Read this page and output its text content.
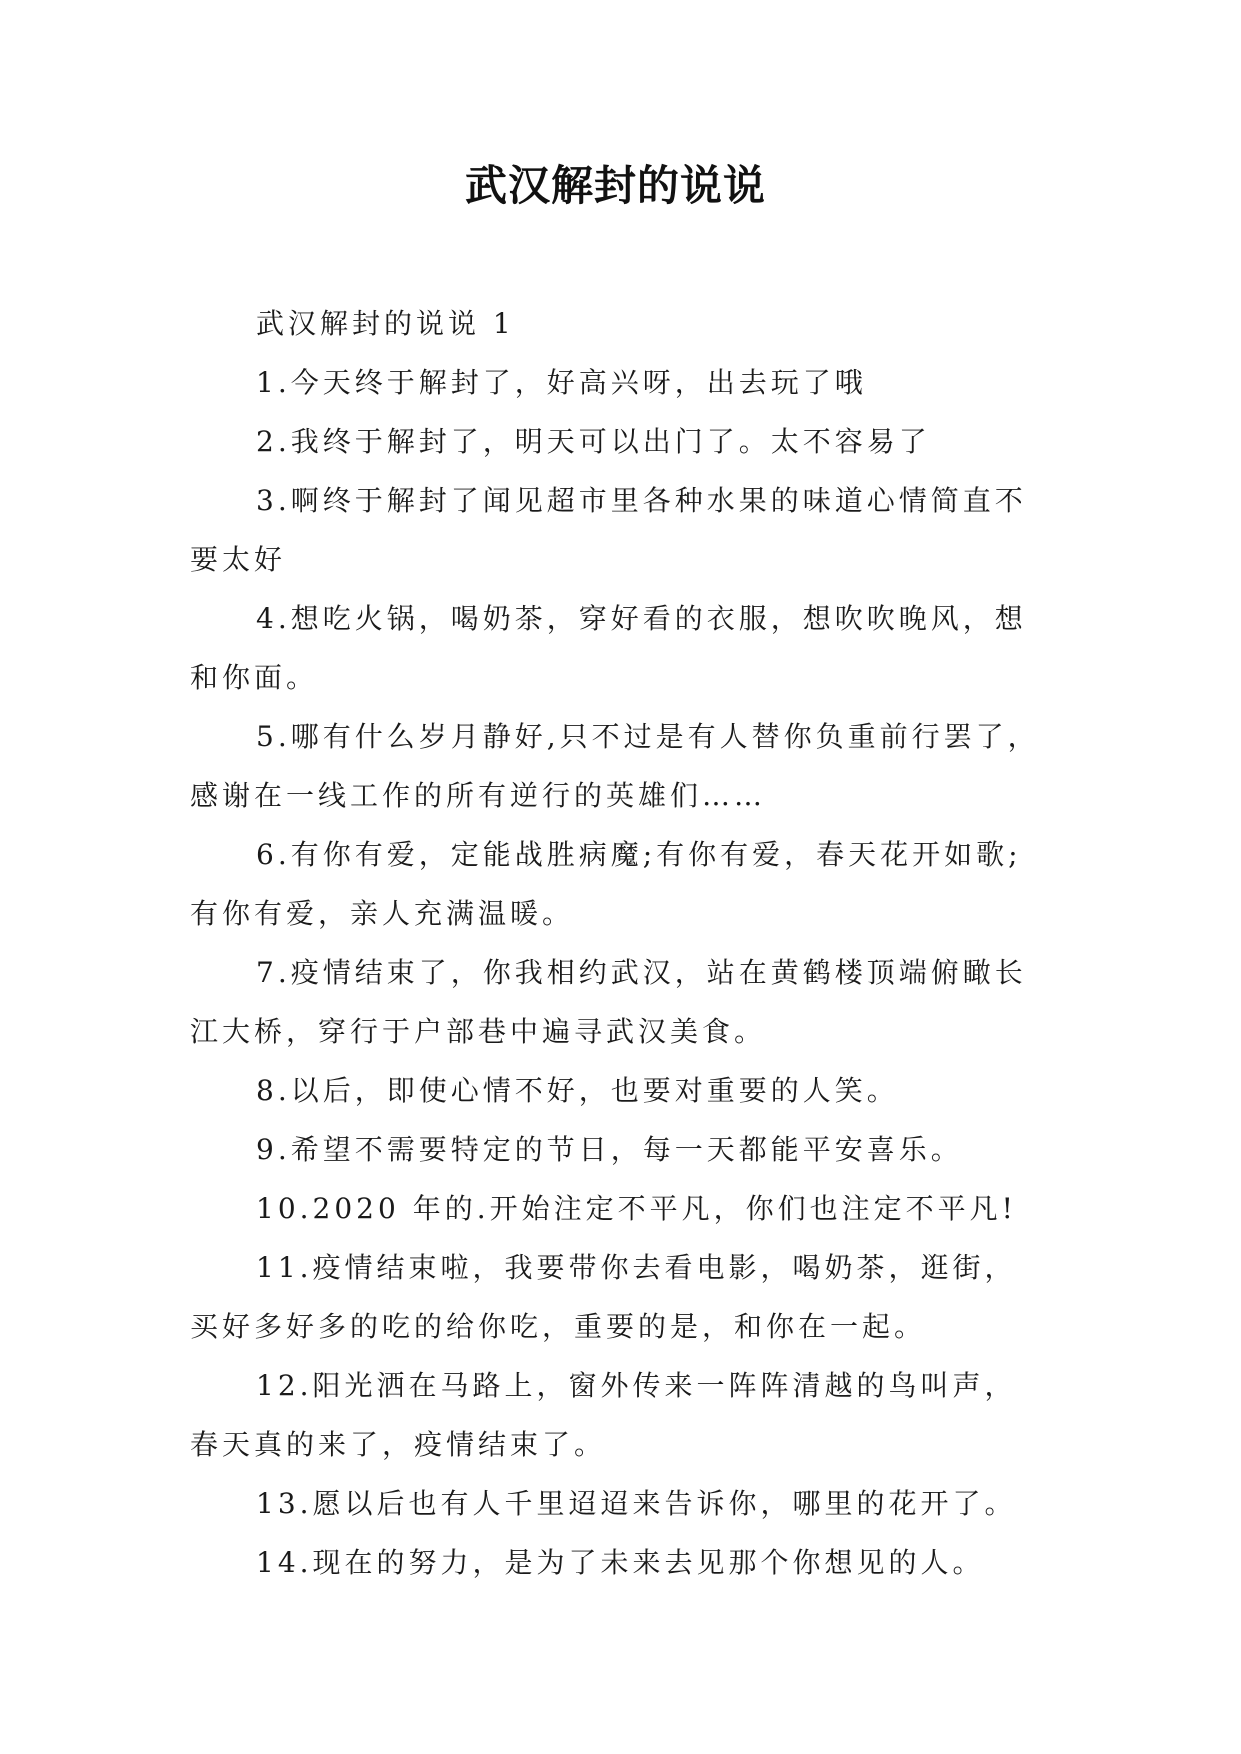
武汉解封的说说

武汉解封的说说 1

1.今天终于解封了，好高兴呀，出去玩了哦

2.我终于解封了，明天可以出门了。太不容易了

3.啊终于解封了闻见超市里各种水果的味道心情简直不要太好

4.想吃火锅，喝奶茶，穿好看的衣服，想吹吹晚风，想和你面。

5.哪有什么岁月静好,只不过是有人替你负重前行罢了，感谢在一线工作的所有逆行的英雄们……

6.有你有爱，定能战胜病魔;有你有爱，春天花开如歌;有你有爱，亲人充满温暖。

7.疫情结束了，你我相约武汉，站在黄鹤楼顶端俯瞰长江大桥，穿行于户部巷中遍寻武汉美食。

8.以后，即使心情不好，也要对重要的人笑。

9.希望不需要特定的节日，每一天都能平安喜乐。

10.2020 年的.开始注定不平凡，你们也注定不平凡!

11.疫情结束啦，我要带你去看电影，喝奶茶，逛街，买好多好多的吃的给你吃，重要的是，和你在一起。

12.阳光洒在马路上，窗外传来一阵阵清越的鸟叫声，春天真的来了，疫情结束了。

13.愿以后也有人千里迢迢来告诉你，哪里的花开了。

14.现在的努力，是为了未来去见那个你想见的人。
